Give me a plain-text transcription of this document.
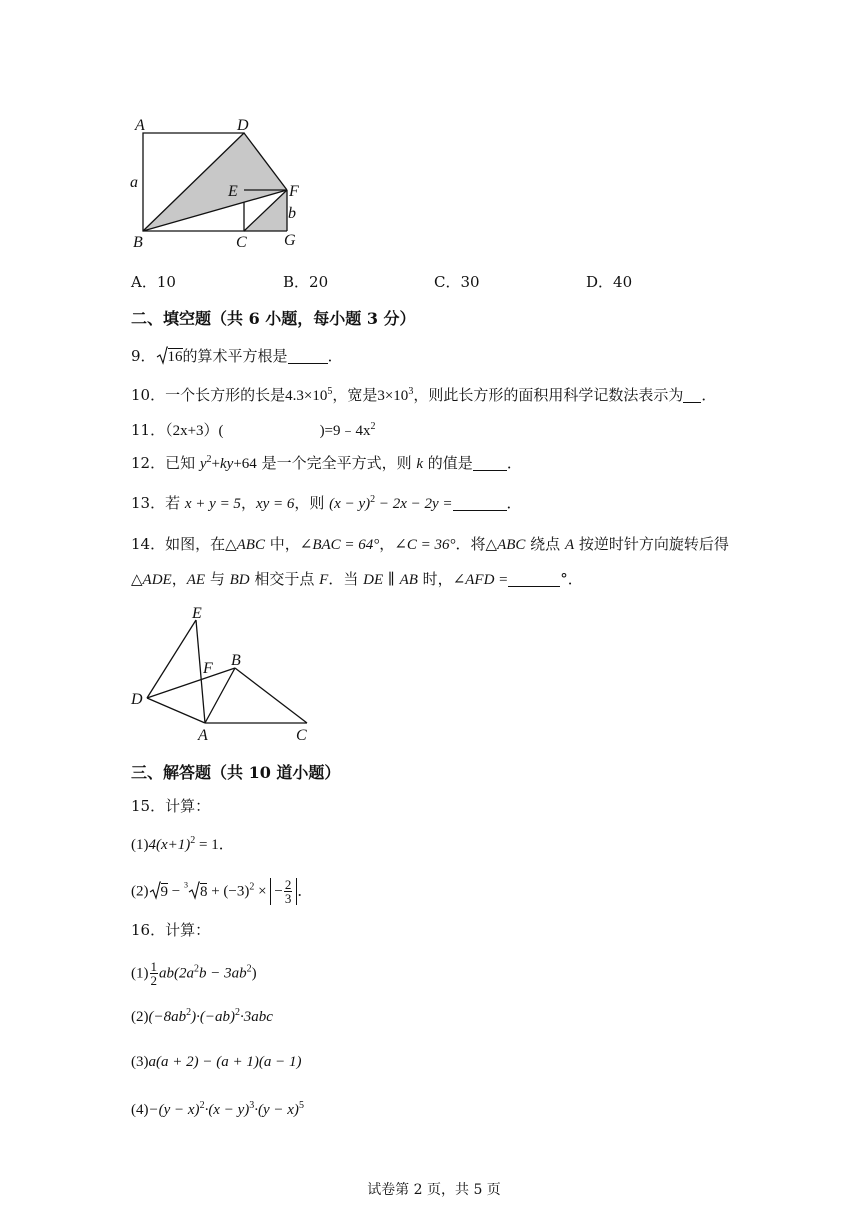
A	D
a
E	F
b
B	C G
A．10	B．20	C．30	D．40
二、填空题（共 6 小题，每小题 3 分）
9． 16的算术平方根是	．
10．一个长方形的长是$4.3\times 10^5$，宽是$3\times 10^3$，则此长方形的面积用科学记数法表示为 ．
11．（2x+3）(	)$=9﹣4x^2$
12．已知 $y^2+ky+64$ 是一个完全平方式，则 k 的值是 ．
13．若 x + y = 5，xy = 6，则 $(x - y)^2 - 2x - 2y$ =	．
14．如图，在△ABC 中，∠BAC = 64°，∠C = 36°．将△ABC 绕点 A 按逆时针方向旋转后得
△ADE，AE 与 BD 相交于点 F．当 DE ∥ AB 时，∠AFD =	°．
E
F B
D
A	C
三、解答题（共 10 道小题）
15．计算：
$(1)4(x+1)^2 = 1$．
(2) 9 − $^3$ $8 + (-3)^2$ × − $\frac{2}{3}$ ．
16．计算：
$(1) \frac{1}{2} ab(2a^2b - 3ab^2)$
$(2)(-8ab^2)\cdot(-ab)^2\cdot 3abc$
(3)a(a + 2) − (a + 1)(a − 1)
$(4)-(y - x)^2\cdot(x - y)^3\cdot(y - x)^5$
试卷第 2 页，共 5 页
